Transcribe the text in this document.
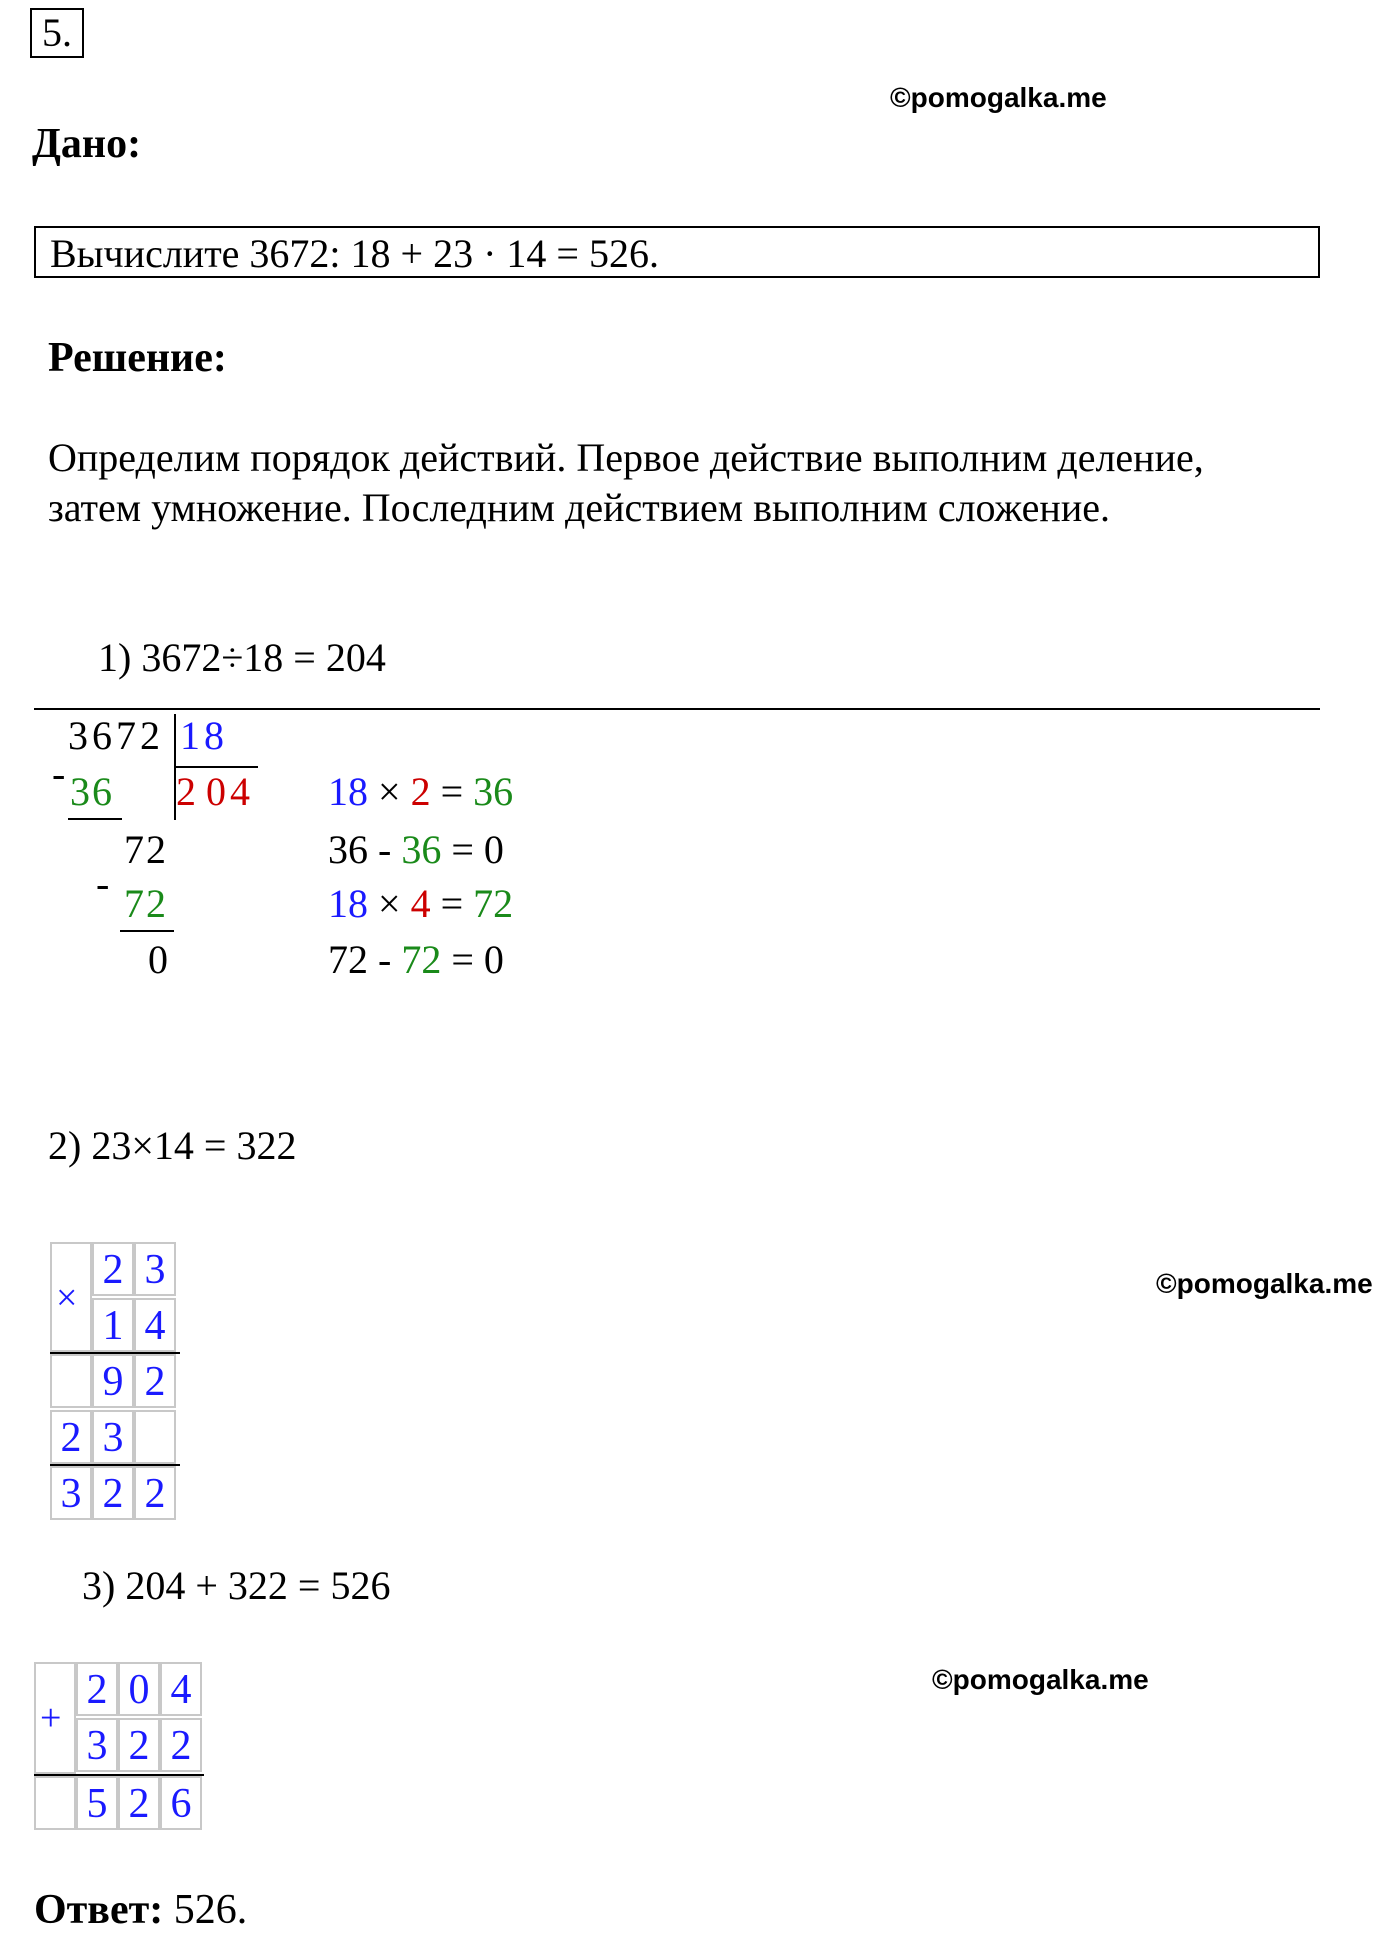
5.
©pomogalka.me
Дано:
Вычислите 3672: 18 + 23 · 14 = 526.
Решение:
Определим порядок действий. Первое действие выполним деление, затем умножение. Последним действием выполним сложение.
1) 3672÷18 = 204
3672 18
2 0 4
- 36
72
- 72
0
18 × 2 = 36
36 - 36 = 0
18 × 4 = 72
72 - 72 = 0
2) 23×14 = 322
×
2 3
1 4
9 2
2 3
3 2 2
©pomogalka.me
3) 204 + 322 = 526
+
2 0 4
3 2 2
5 2 6
©pomogalka.me
Ответ: 526.
